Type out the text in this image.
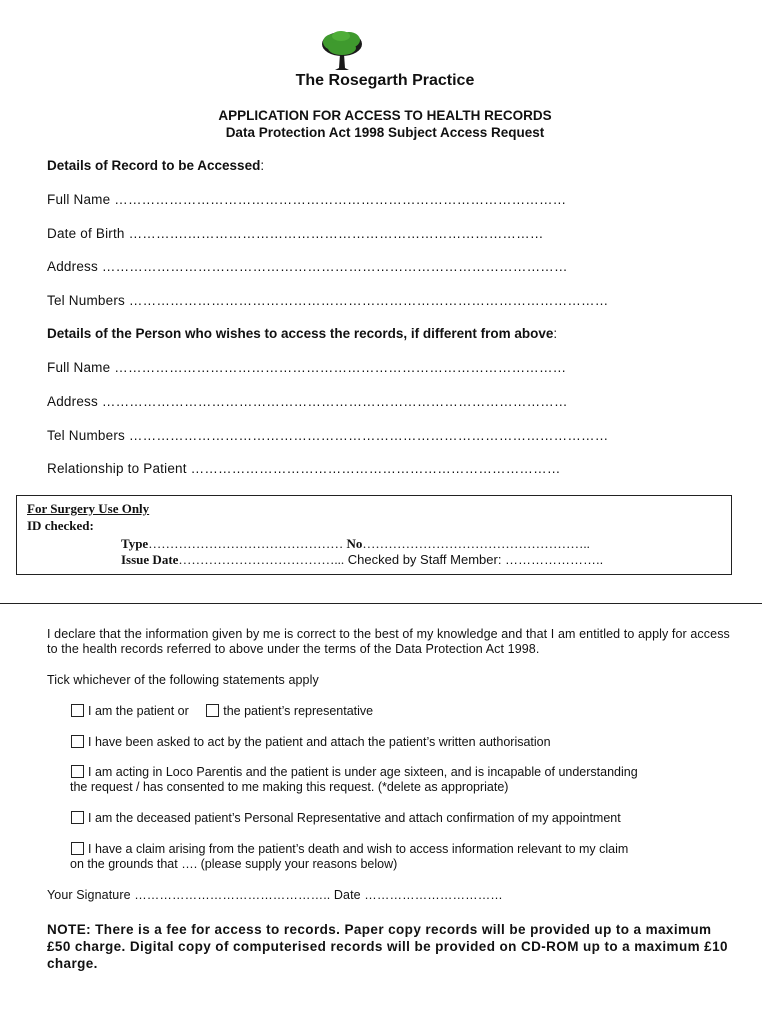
The Rosegarth Practice
APPLICATION FOR ACCESS TO HEALTH RECORDS
Data Protection Act 1998 Subject Access Request
Details of Record to be Accessed:
Full Name ………………………………………………………………………………………
Date of Birth ………….……………………………………………………………………
Address …………………………………………………………………………………………
Tel Numbers ……………………………………………………………………………………………
Details of the Person who wishes to access the records, if different from above:
Full Name ………………………………………………………………………………………
Address …………………………………………………………………………………………
Tel Numbers ……………………………………………………………………………………………
Relationship to Patient ………………………………………………………………………
For Surgery Use Only
ID checked:
Type……………………………………… No……………………………………………..
Issue Date………………………………... Checked by Staff Member: …………………..
I declare that the information given by me is correct to the best of my knowledge and that I am entitled to apply for access to the health records referred to above under the terms of the Data Protection Act 1998.
Tick whichever of the following statements apply
I am the patient or	the patient’s representative
I have been asked to act by the patient and attach the patient’s written authorisation
I am acting in Loco Parentis and the patient is under age sixteen, and is incapable of understanding
the request / has consented to me making this request. (*delete as appropriate)
I am the deceased patient’s Personal Representative and attach confirmation of my appointment
I have a claim arising from the patient’s death and wish to access information relevant to my claim
on the grounds that …. (please supply your reasons below)
Your Signature ……………………………………….. Date ……………………………
NOTE: There is a fee for access to records. Paper copy records will be provided up to a maximum £50 charge. Digital copy of computerised records will be provided on CD-ROM up to a maximum £10 charge.
